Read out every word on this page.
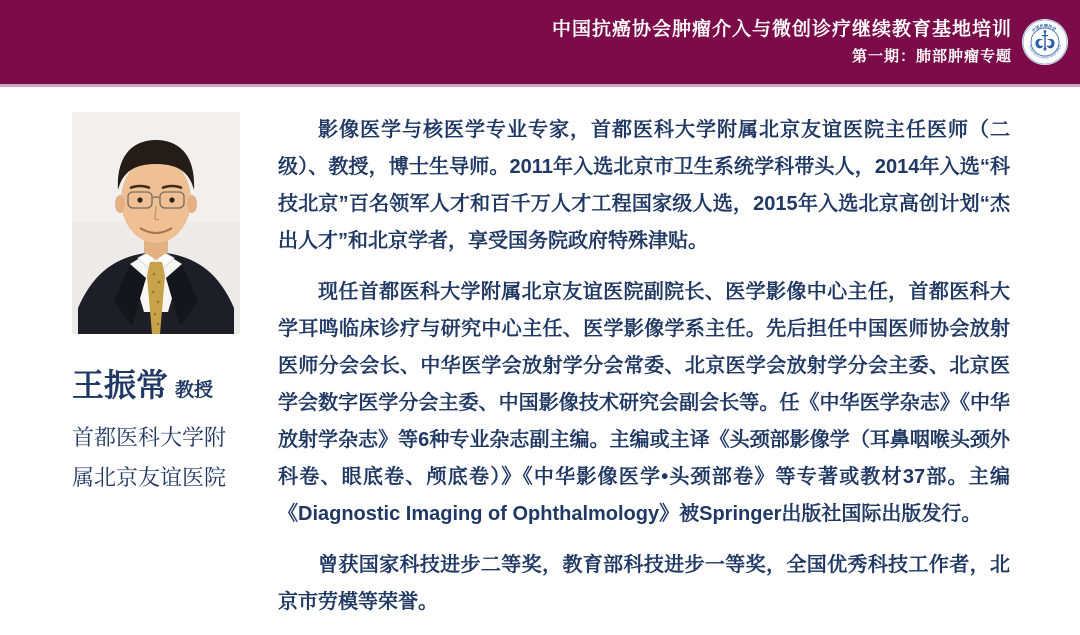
中国抗癌协会肿瘤介入与微创诊疗继续教育基地培训
第一期：肺部肿瘤专题
中国抗癌协会
CHINA ANTI-CANCER ASSOCIATION
王振常 教授
首都医科大学附属北京友谊医院

影像医学与核医学专业专家，首都医科大学附属北京友谊医院主任医师（二级）、教授，博士生导师。2011年入选北京市卫生系统学科带头人，2014年入选“科技北京”百名领军人才和百千万人才工程国家级人选，2015年入选北京高创计划“杰出人才”和北京学者，享受国务院政府特殊津贴。

现任首都医科大学附属北京友谊医院副院长、医学影像中心主任，首都医科大学耳鸣临床诊疗与研究中心主任、医学影像学系主任。先后担任中国医师协会放射医师分会会长、中华医学会放射学分会常委、北京医学会放射学分会主委、北京医学会数字医学分会主委、中国影像技术研究会副会长等。任《中华医学杂志》《中华放射学杂志》等6种专业杂志副主编。主编或主译《头颈部影像学（耳鼻咽喉头颈外科卷、眼底卷、颅底卷）》《中华影像医学•头颈部卷》等专著或教材37部。主编《Diagnostic Imaging of Ophthalmology》被Springer出版社国际出版发行。

曾获国家科技进步二等奖，教育部科技进步一等奖，全国优秀科技工作者，北京市劳模等荣誉。
